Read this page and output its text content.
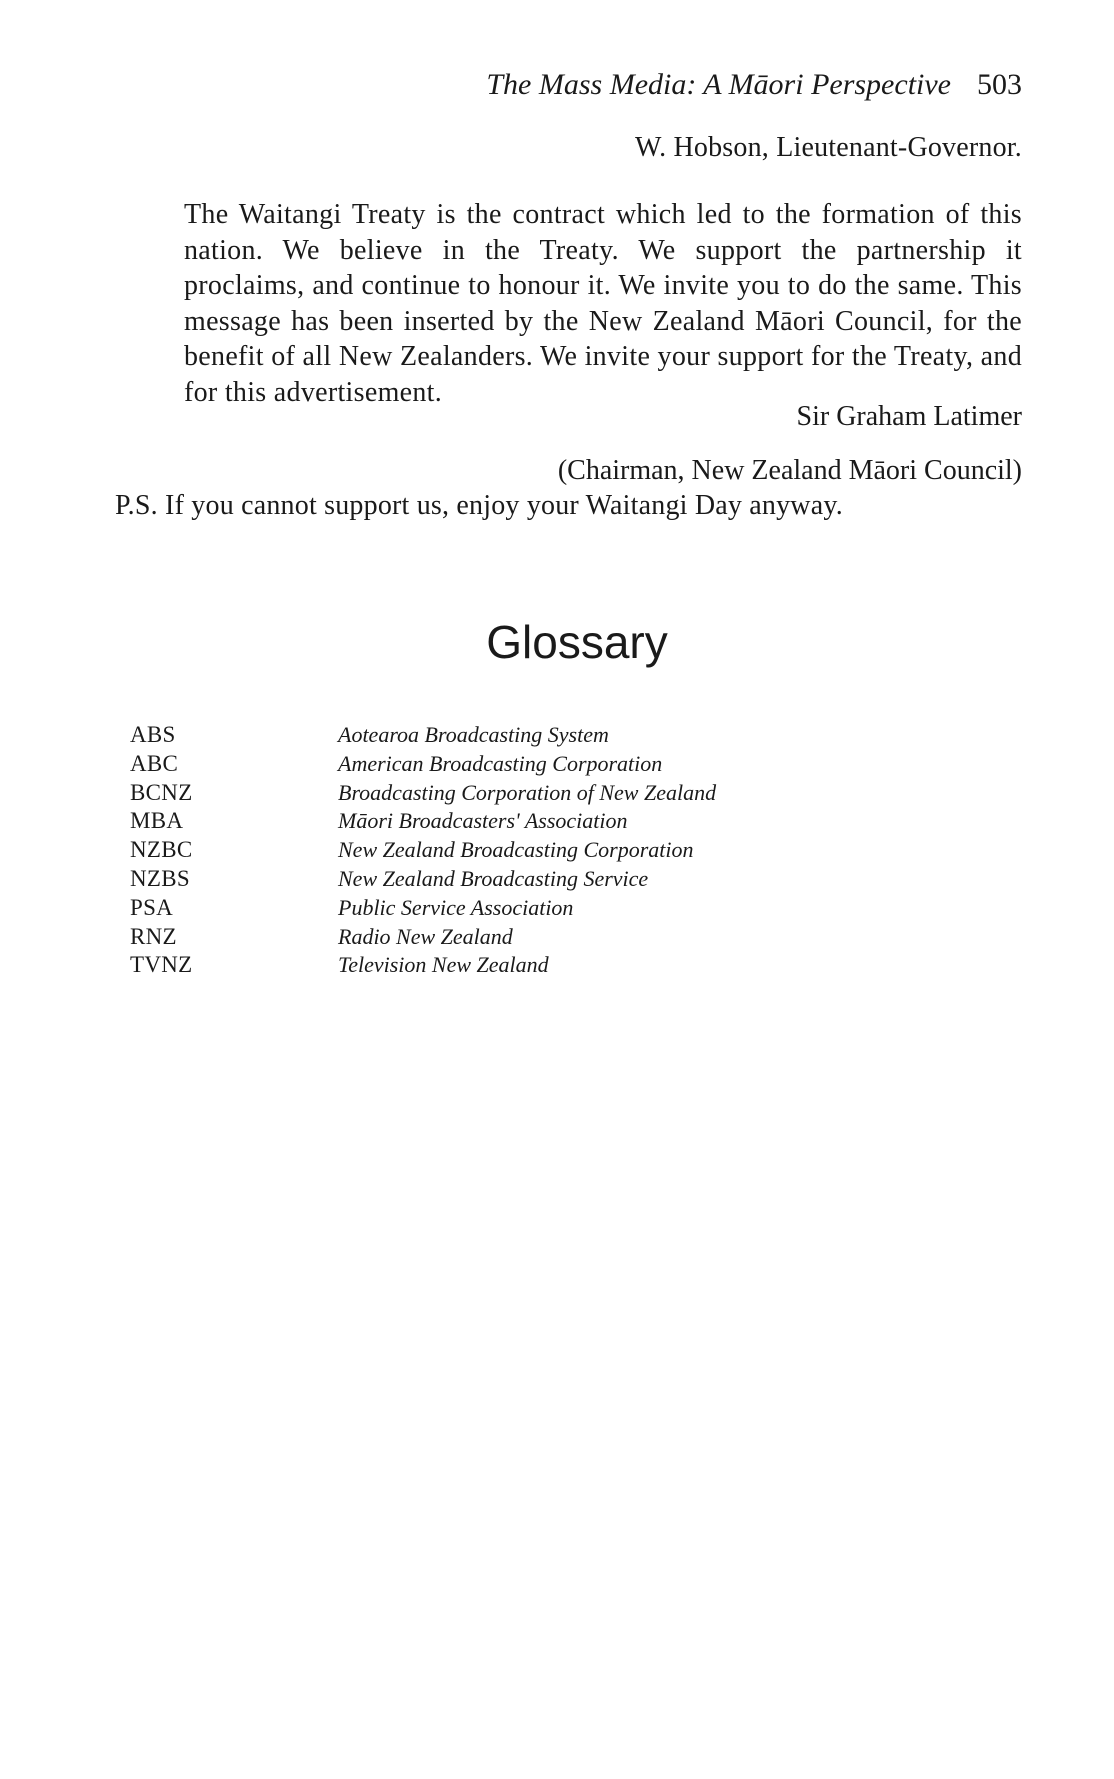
The Mass Media: A Māori Perspective 503
W. Hobson, Lieutenant-Governor.

The Waitangi Treaty is the contract which led to the formation of this nation. We believe in the Treaty. We support the partnership it proclaims, and continue to honour it. We invite you to do the same. This message has been inserted by the New Zealand Māori Council, for the benefit of all New Zealanders. We invite your support for the Treaty, and for this advertisement.

Sir Graham Latimer
(Chairman, New Zealand Māori Council)
P.S. If you cannot support us, enjoy your Waitangi Day anyway.
Glossary
ABS	Aotearoa Broadcasting System
ABC	American Broadcasting Corporation
BCNZ	Broadcasting Corporation of New Zealand
MBA	Māori Broadcasters' Association
NZBC	New Zealand Broadcasting Corporation
NZBS	New Zealand Broadcasting Service
PSA	Public Service Association
RNZ	Radio New Zealand
TVNZ	Television New Zealand
